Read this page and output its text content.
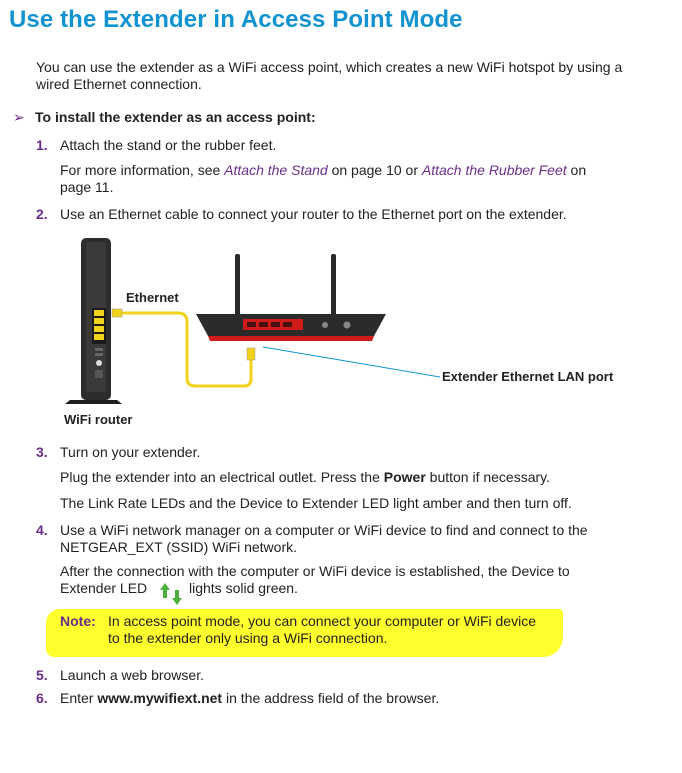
Use the Extender in Access Point Mode

You can use the extender as a WiFi access point, which creates a new WiFi hotspot by using a wired Ethernet connection.

➢ To install the extender as an access point:
1. Attach the stand or the rubber feet.

For more information, see Attach the Stand on page 10 or Attach the Rubber Feet on page 11.

2. Use an Ethernet cable to connect your router to the Ethernet port on the extender.

Ethernet
Extender Ethernet LAN port
WiFi router
3. Turn on your extender.

Plug the extender into an electrical outlet. Press the Power button if necessary.

The Link Rate LEDs and the Device to Extender LED light amber and then turn off.

4. Use a WiFi network manager on a computer or WiFi device to find and connect to the
NETGEAR_EXT (SSID) WiFi network.

After the connection with the computer or WiFi device is established, the Device to
Extender LED	lights solid green.

Note: In access point mode, you can connect your computer or WiFi device
to the extender only using a WiFi connection.
5. Launch a web browser.

6. Enter www.mywifiext.net in the address field of the browser.
